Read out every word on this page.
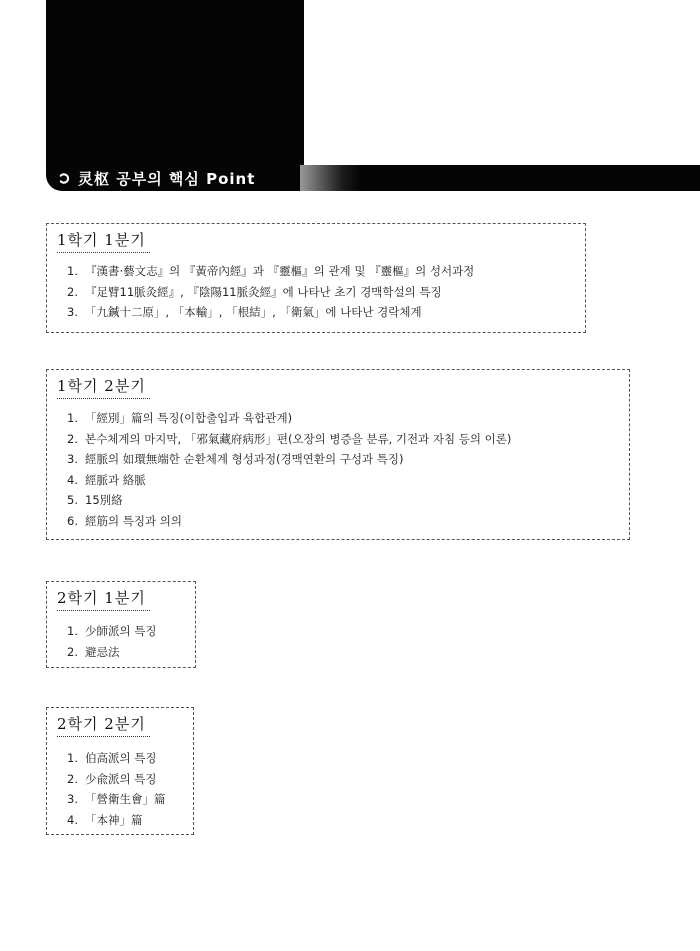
灵枢 공부의 핵심 Point
1학기 1분기
1. 『漢書·藝文志』의 『黃帝內經』과 『靈樞』의 관계 및 『靈樞』의 성서과정
2. 『足臂11脈灸經』, 『陰陽11脈灸經』에 나타난 초기 경맥학설의 특징
3. 「九鍼十二原」, 「本輸」, 「根結」, 「衛氣」에 나타난 경락체계
1학기 2분기
1. 「經別」篇의 특징(이합출입과 육합관계)
2. 본수체계의 마지막, 「邪氣藏府病形」편(오장의 병증을 분류, 기전과 자침 등의 이론)
3. 經脈의 如環無端한 순환체계 형성과정(경맥연환의 구성과 특징)
4. 經脈과 絡脈
5. 15別絡
6. 經筋의 특징과 의의
2학기 1분기
1. 少師派의 특징
2. 避忌法
2학기 2분기
1. 伯高派의 특징
2. 少兪派의 특징
3. 「營衛生會」篇
4. 「本神」篇
